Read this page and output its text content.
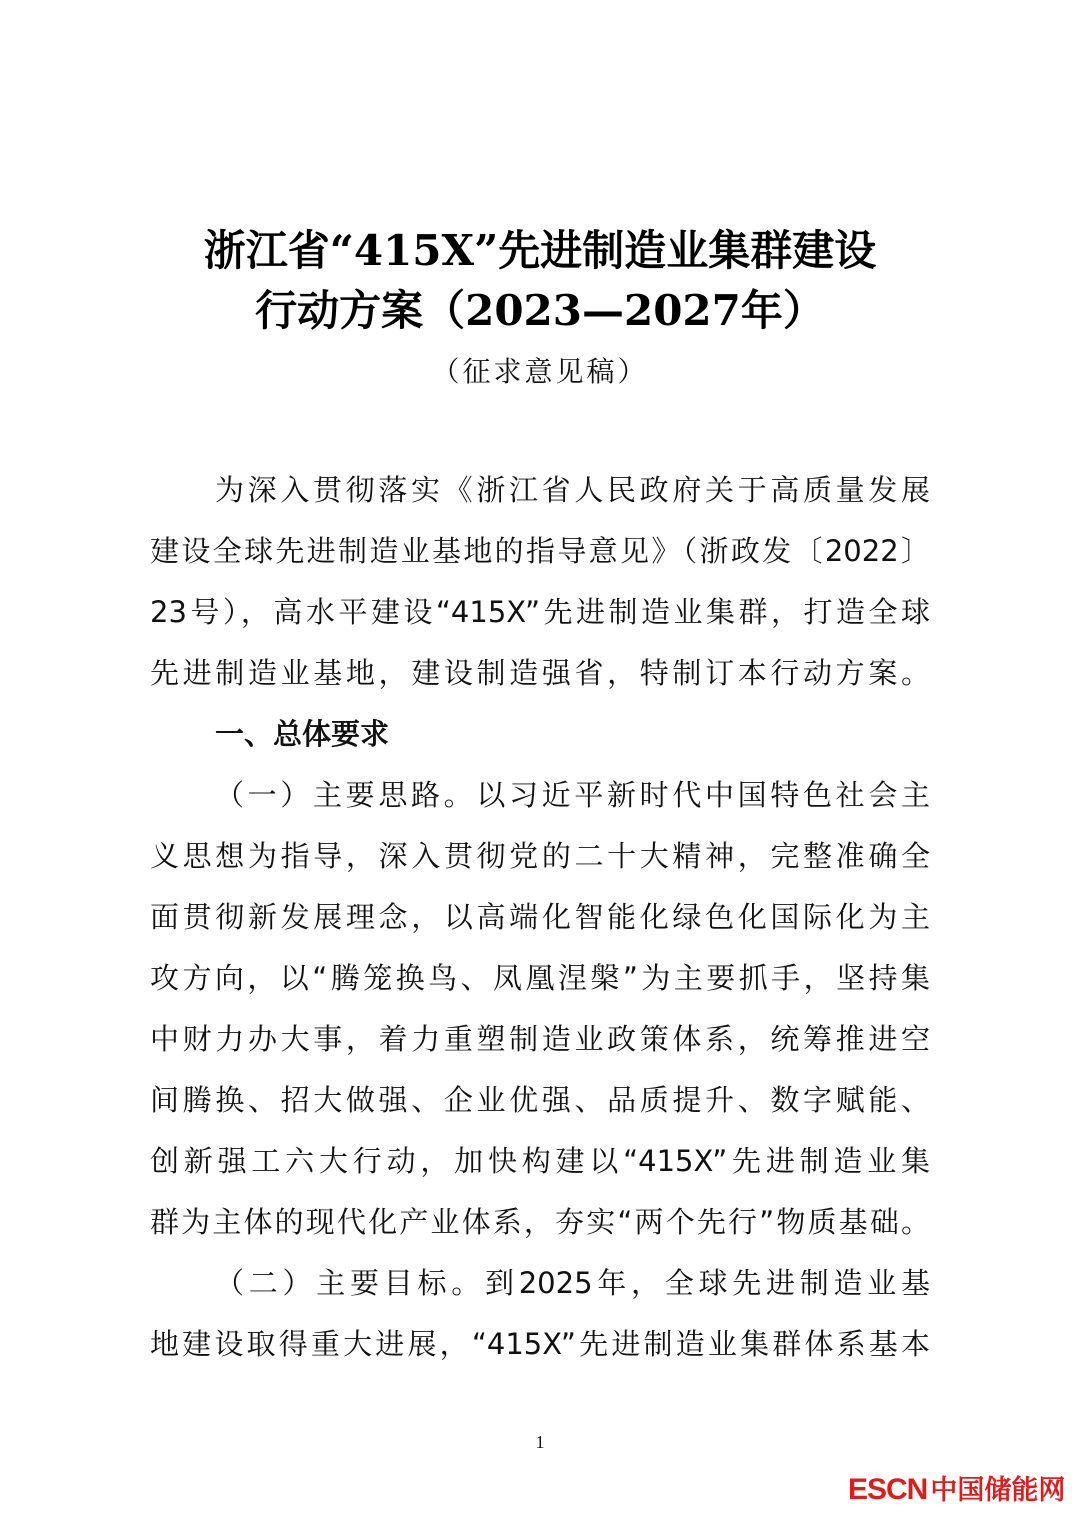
浙江省“415X”先进制造业集群建设
行动方案（2023—2027年）
（征求意见稿）
为深入贯彻落实《浙江省人民政府关于高质量发展
建设全球先进制造业基地的指导意见》（浙政发〔2022〕
23号），高水平建设“415X”先进制造业集群，打造全球
先进制造业基地，建设制造强省，特制订本行动方案。
一、总体要求
（一）主要思路。以习近平新时代中国特色社会主
义思想为指导，深入贯彻党的二十大精神，完整准确全
面贯彻新发展理念，以高端化智能化绿色化国际化为主
攻方向，以“腾笼换鸟、凤凰涅槃”为主要抓手，坚持集
中财力办大事，着力重塑制造业政策体系，统筹推进空
间腾换、招大做强、企业优强、品质提升、数字赋能、
创新强工六大行动，加快构建以“415X”先进制造业集
群为主体的现代化产业体系，夯实“两个先行”物质基础。
（二）主要目标。到2025年，全球先进制造业基
地建设取得重大进展，“415X”先进制造业集群体系基本
1
ESCN 中国储能网
